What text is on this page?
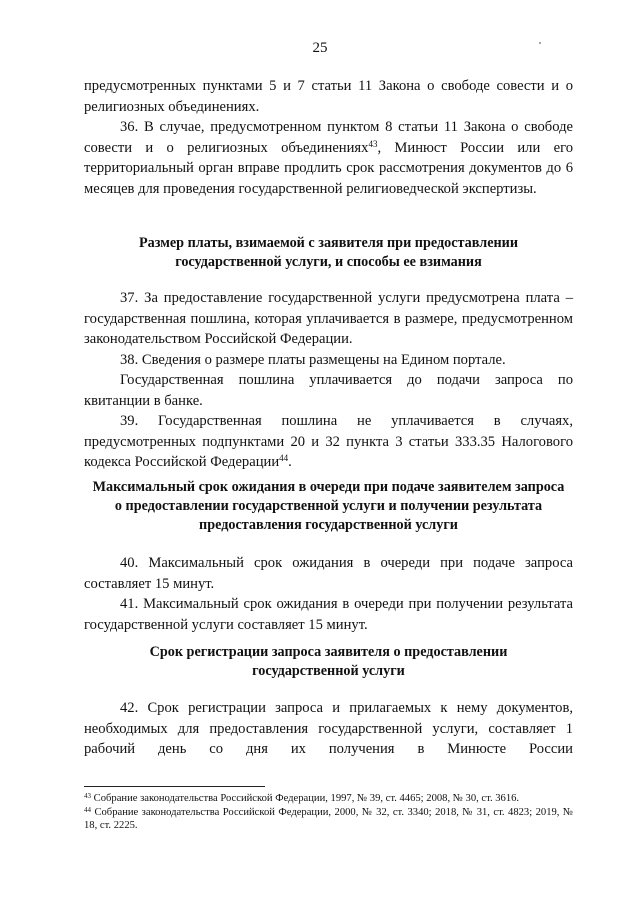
25

предусмотренных пунктами 5 и 7 статьи 11 Закона о свободе совести и о религиозных объединениях.

36. В случае, предусмотренном пунктом 8 статьи 11 Закона о свободе совести и о религиозных объединениях$^{43}$, Минюст России или его территориальный орган вправе продлить срок рассмотрения документов до 6 месяцев для проведения государственной религиоведческой экспертизы.

Размер платы, взимаемой с заявителя при предоставлении государственной услуги, и способы ее взимания

37. За предоставление государственной услуги предусмотрена плата – государственная пошлина, которая уплачивается в размере, предусмотренном законодательством Российской Федерации.

38. Сведения о размере платы размещены на Едином портале.

Государственная пошлина уплачивается до подачи запроса по квитанции в банке.

39. Государственная пошлина не уплачивается в случаях, предусмотренных подпунктами 20 и 32 пункта 3 статьи 333.35 Налогового кодекса Российской Федерации$^{44}$.

Максимальный срок ожидания в очереди при подаче заявителем запроса о предоставлении государственной услуги и получении результата предоставления государственной услуги

40. Максимальный срок ожидания в очереди при подаче запроса составляет 15 минут.

41. Максимальный срок ожидания в очереди при получении результата государственной услуги составляет 15 минут.

Срок регистрации запроса заявителя о предоставлении государственной услуги

42. Срок регистрации запроса и прилагаемых к нему документов, необходимых для предоставления государственной услуги, составляет 1 рабочий день со дня их получения в Минюсте России

$^{43}$ Собрание законодательства Российской Федерации, 1997, № 39, ст. 4465; 2008, № 30, ст. 3616.

$^{44}$ Собрание законодательства Российской Федерации, 2000, № 32, ст. 3340; 2018, № 31, ст. 4823; 2019, № 18, ст. 2225.
